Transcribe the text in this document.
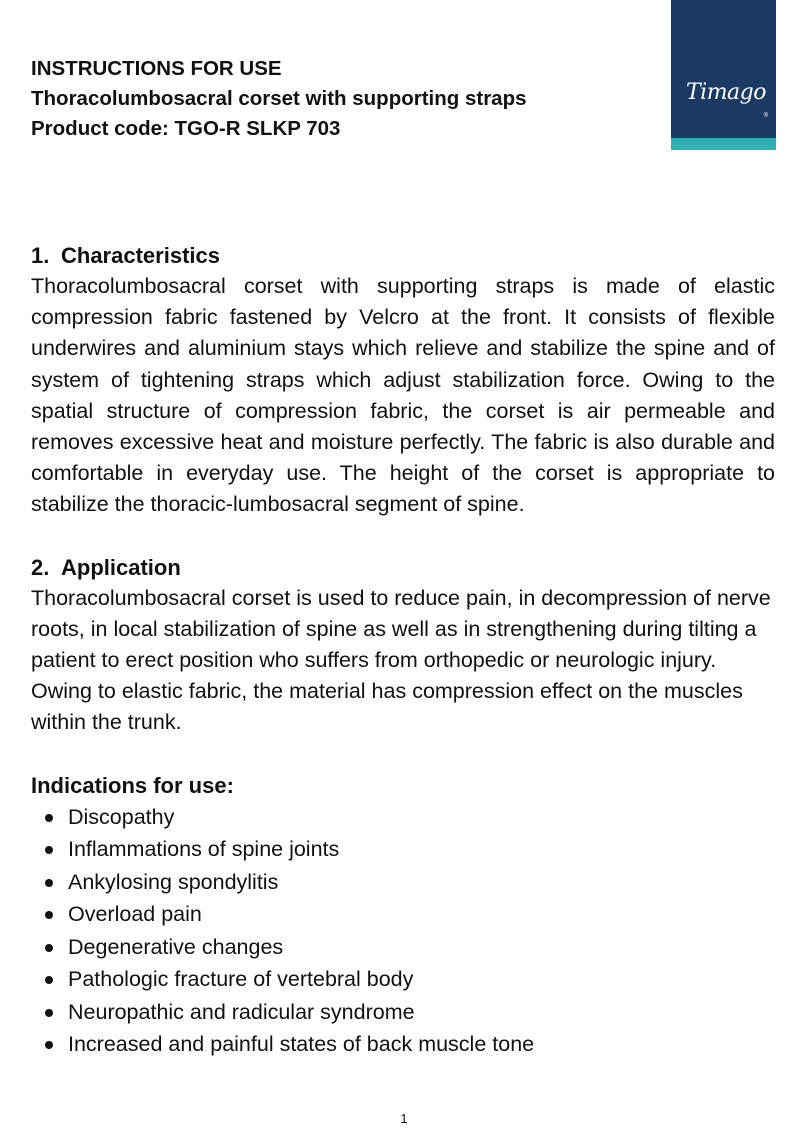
INSTRUCTIONS FOR USE
Thoracolumbosacral corset with supporting straps
Product code: TGO-R SLKP 703
Timago
®
1. Characteristics

Thoracolumbosacral corset with supporting straps is made of elastic compression fabric fastened by Velcro at the front. It consists of flexible underwires and aluminium stays which relieve and stabilize the spine and of system of tightening straps which adjust stabilization force. Owing to the spatial structure of compression fabric, the corset is air permeable and removes excessive heat and moisture perfectly. The fabric is also durable and comfortable in everyday use. The height of the corset is appropriate to stabilize the thoracic-lumbosacral segment of spine.

2. Application

Thoracolumbosacral corset is used to reduce pain, in decompression of nerve roots, in local stabilization of spine as well as in strengthening during tilting a patient to erect position who suffers from orthopedic or neurologic injury. Owing to elastic fabric, the material has compression effect on the muscles within the trunk.

Indications for use:
Discopathy
Inflammations of spine joints
Ankylosing spondylitis
Overload pain
Degenerative changes
Pathologic fracture of vertebral body
Neuropathic and radicular syndrome
Increased and painful states of back muscle tone
1
